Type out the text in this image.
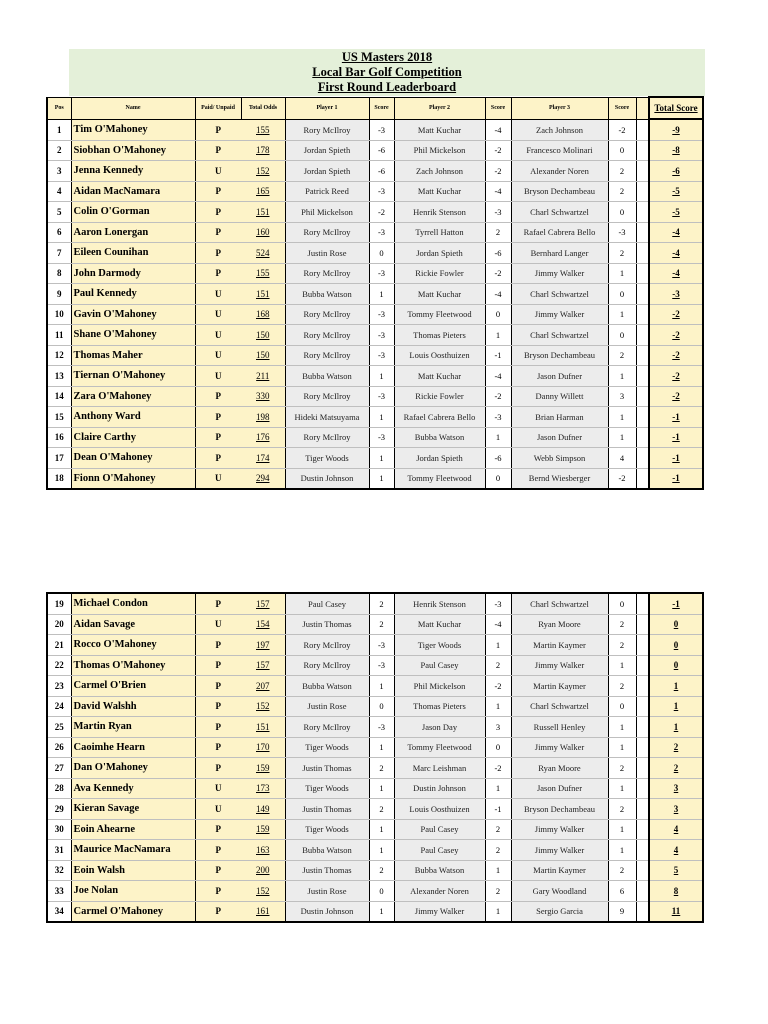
US Masters 2018
Local Bar Golf Competition
First Round Leaderboard
Pos	Name	Paid/ Unpaid	Total Odds	Player 1	Score	Player 2	Score	Player 3	Score		Total Score
1	Tim O'Mahoney	P	155	Rory McIlroy	-3	Matt Kuchar	-4	Zach Johnson	-2		-9
2	Siobhan O'Mahoney	P	178	Jordan Spieth	-6	Phil Mickelson	-2	Francesco Molinari	0		-8
3	Jenna Kennedy	U	152	Jordan Spieth	-6	Zach Johnson	-2	Alexander Noren	2		-6
4	Aidan MacNamara	P	165	Patrick Reed	-3	Matt Kuchar	-4	Bryson Dechambeau	2		-5
5	Colin O'Gorman	P	151	Phil Mickelson	-2	Henrik Stenson	-3	Charl Schwartzel	0		-5
6	Aaron Lonergan	P	160	Rory McIlroy	-3	Tyrrell Hatton	2	Rafael Cabrera Bello	-3		-4
7	Eileen Counihan	P	524	Justin Rose	0	Jordan Spieth	-6	Bernhard Langer	2		-4
8	John Darmody	P	155	Rory McIlroy	-3	Rickie Fowler	-2	Jimmy Walker	1		-4
9	Paul Kennedy	U	151	Bubba Watson	1	Matt Kuchar	-4	Charl Schwartzel	0		-3
10	Gavin O'Mahoney	U	168	Rory McIlroy	-3	Tommy Fleetwood	0	Jimmy Walker	1		-2
11	Shane O'Mahoney	U	150	Rory McIlroy	-3	Thomas Pieters	1	Charl Schwartzel	0		-2
12	Thomas Maher	U	150	Rory McIlroy	-3	Louis Oosthuizen	-1	Bryson Dechambeau	2		-2
13	Tiernan O'Mahoney	U	211	Bubba Watson	1	Matt Kuchar	-4	Jason Dufner	1		-2
14	Zara O'Mahoney	P	330	Rory McIlroy	-3	Rickie Fowler	-2	Danny Willett	3		-2
15	Anthony Ward	P	198	Hideki Matsuyama	1	Rafael Cabrera Bello	-3	Brian Harman	1		-1
16	Claire Carthy	P	176	Rory McIlroy	-3	Bubba Watson	1	Jason Dufner	1		-1
17	Dean O'Mahoney	P	174	Tiger Woods	1	Jordan Spieth	-6	Webb Simpson	4		-1
18	Fionn O'Mahoney	U	294	Dustin Johnson	1	Tommy Fleetwood	0	Bernd Wiesberger	-2		-1
19	Michael Condon	P	157	Paul Casey	2	Henrik Stenson	-3	Charl Schwartzel	0		-1
20	Aidan Savage	U	154	Justin Thomas	2	Matt Kuchar	-4	Ryan Moore	2		0
21	Rocco O'Mahoney	P	197	Rory McIlroy	-3	Tiger Woods	1	Martin Kaymer	2		0
22	Thomas O'Mahoney	P	157	Rory McIlroy	-3	Paul Casey	2	Jimmy Walker	1		0
23	Carmel O'Brien	P	207	Bubba Watson	1	Phil Mickelson	-2	Martin Kaymer	2		1
24	David Walshh	P	152	Justin Rose	0	Thomas Pieters	1	Charl Schwartzel	0		1
25	Martin Ryan	P	151	Rory McIlroy	-3	Jason Day	3	Russell Henley	1		1
26	Caoimhe Hearn	P	170	Tiger Woods	1	Tommy Fleetwood	0	Jimmy Walker	1		2
27	Dan O'Mahoney	P	159	Justin Thomas	2	Marc Leishman	-2	Ryan Moore	2		2
28	Ava Kennedy	U	173	Tiger Woods	1	Dustin Johnson	1	Jason Dufner	1		3
29	Kieran Savage	U	149	Justin Thomas	2	Louis Oosthuizen	-1	Bryson Dechambeau	2		3
30	Eoin Ahearne	P	159	Tiger Woods	1	Paul Casey	2	Jimmy Walker	1		4
31	Maurice MacNamara	P	163	Bubba Watson	1	Paul Casey	2	Jimmy Walker	1		4
32	Eoin Walsh	P	200	Justin Thomas	2	Bubba Watson	1	Martin Kaymer	2		5
33	Joe Nolan	P	152	Justin Rose	0	Alexander Noren	2	Gary Woodland	6		8
34	Carmel O'Mahoney	P	161	Dustin Johnson	1	Jimmy Walker	1	Sergio Garcia	9		11
